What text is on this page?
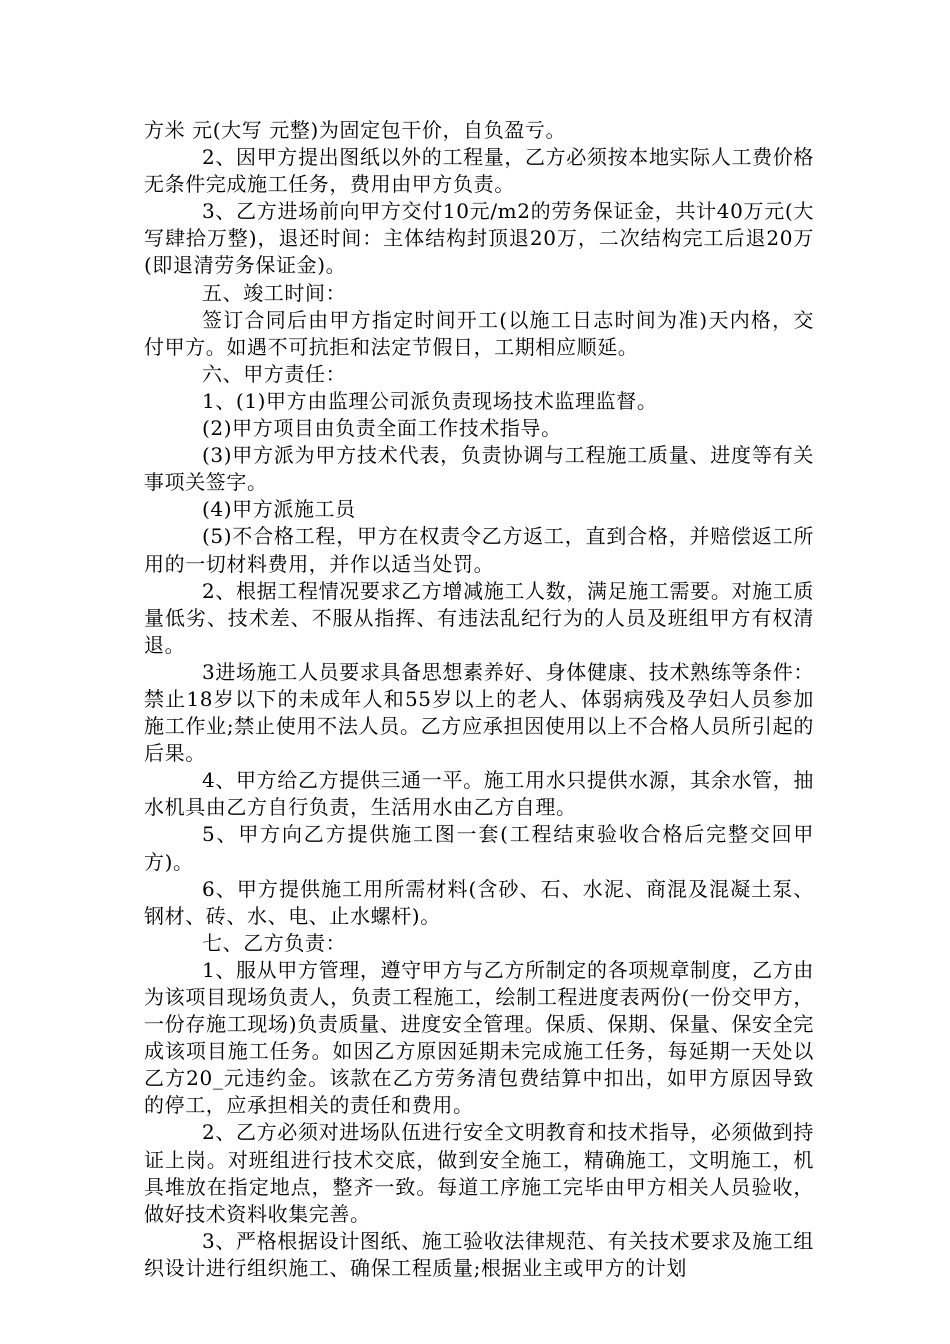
方米 元(大写 元整)为固定包干价，自负盈亏。

2、因甲方提出图纸以外的工程量，乙方必须按本地实际人工费价格无条件完成施工任务，费用由甲方负责。

3、乙方进场前向甲方交付10元/m2的劳务保证金，共计40万元(大写肆拾万整)，退还时间：主体结构封顶退20万，二次结构完工后退20万(即退清劳务保证金)。

五、竣工时间：

签订合同后由甲方指定时间开工(以施工日志时间为准)天内格，交付甲方。如遇不可抗拒和法定节假日，工期相应顺延。

六、甲方责任：

1、(1)甲方由监理公司派负责现场技术监理监督。

(2)甲方项目由负责全面工作技术指导。

(3)甲方派为甲方技术代表，负责协调与工程施工质量、进度等有关事项关签字。

(4)甲方派施工员

(5)不合格工程，甲方在权责令乙方返工，直到合格，并赔偿返工所用的一切材料费用，并作以适当处罚。

2、根据工程情况要求乙方增减施工人数，满足施工需要。对施工质量低劣、技术差、不服从指挥、有违法乱纪行为的人员及班组甲方有权清退。

3进场施工人员要求具备思想素养好、身体健康、技术熟练等条件：禁止18岁以下的未成年人和55岁以上的老人、体弱病残及孕妇人员参加施工作业;禁止使用不法人员。乙方应承担因使用以上不合格人员所引起的后果。

4、甲方给乙方提供三通一平。施工用水只提供水源，其余水管，抽水机具由乙方自行负责，生活用水由乙方自理。

5、甲方向乙方提供施工图一套(工程结束验收合格后完整交回甲方)。

6、甲方提供施工用所需材料(含砂、石、水泥、商混及混凝土泵、钢材、砖、水、电、止水螺杆)。

七、乙方负责：

1、服从甲方管理，遵守甲方与乙方所制定的各项规章制度，乙方由为该项目现场负责人，负责工程施工，绘制工程进度表两份(一份交甲方，一份存施工现场)负责质量、进度安全管理。保质、保期、保量、保安全完成该项目施工任务。如因乙方原因延期未完成施工任务，每延期一天处以乙方20_元违约金。该款在乙方劳务清包费结算中扣出，如甲方原因导致的停工，应承担相关的责任和费用。

2、乙方必须对进场队伍进行安全文明教育和技术指导，必须做到持证上岗。对班组进行技术交底，做到安全施工，精确施工，文明施工，机具堆放在指定地点，整齐一致。每道工序施工完毕由甲方相关人员验收，做好技术资料收集完善。

3、严格根据设计图纸、施工验收法律规范、有关技术要求及施工组织设计进行组织施工、确保工程质量;根据业主或甲方的计划
